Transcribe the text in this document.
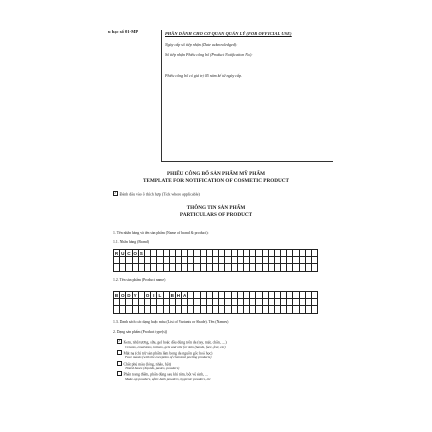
u bạc số 01-MP	PHẦN DÀNH CHO CƠ QUAN QUẢN LÝ (FOR OFFICIAL USE)
Ngày cấp số tiếp nhận (Date acknowledged):
Số tiếp nhận Phiếu công bố (Product Notification No):
Phiếu công bố có giá trị 05 năm kể từ ngày cấp.
PHIẾU CÔNG BỐ SẢN PHẨM MỸ PHẨM
TEMPLATE FOR NOTIFICATION OF COSMETIC PRODUCT
✓Đánh dấu vào ô thích hợp (Tick where applicable)
THÔNG TIN SẢN PHẨM
PARTICULARS OF PRODUCT
1. Tên nhãn hàng và tên sản phẩm (Name of brand & product):
1.1. Nhãn hàng (Brand)
R U C O S
1.2. Tên sản phẩm (Product name)
B O D Y	O I L	B H A
1.3. Danh sách các dạng hoặc màu (List of Variants or Shade). Tên (Names)
2. Dạng sản phẩm (Product type(s))
✓Kem, nhũ tương, sữa, gel hoặc dầu dùng trên da (tay, mặt, chân, ....)
Creams, emulsions, lotions, gels and oils for skin (hands, face, feet, etc)
Mặt nạ (chỉ trừ sản phẩm làm bong da nguồn gốc hoá học)
Face masks (with the exception of chemical peeling products)
Chất phủ màu (lỏng, nhão, bột)
Tinted bases (liquids, pastes, powders)
Phấn trang điểm, phấn dùng sau khi tắm, bột vệ sinh, ...
Make-up powders, after-bath powders, hygienic powders, etc
